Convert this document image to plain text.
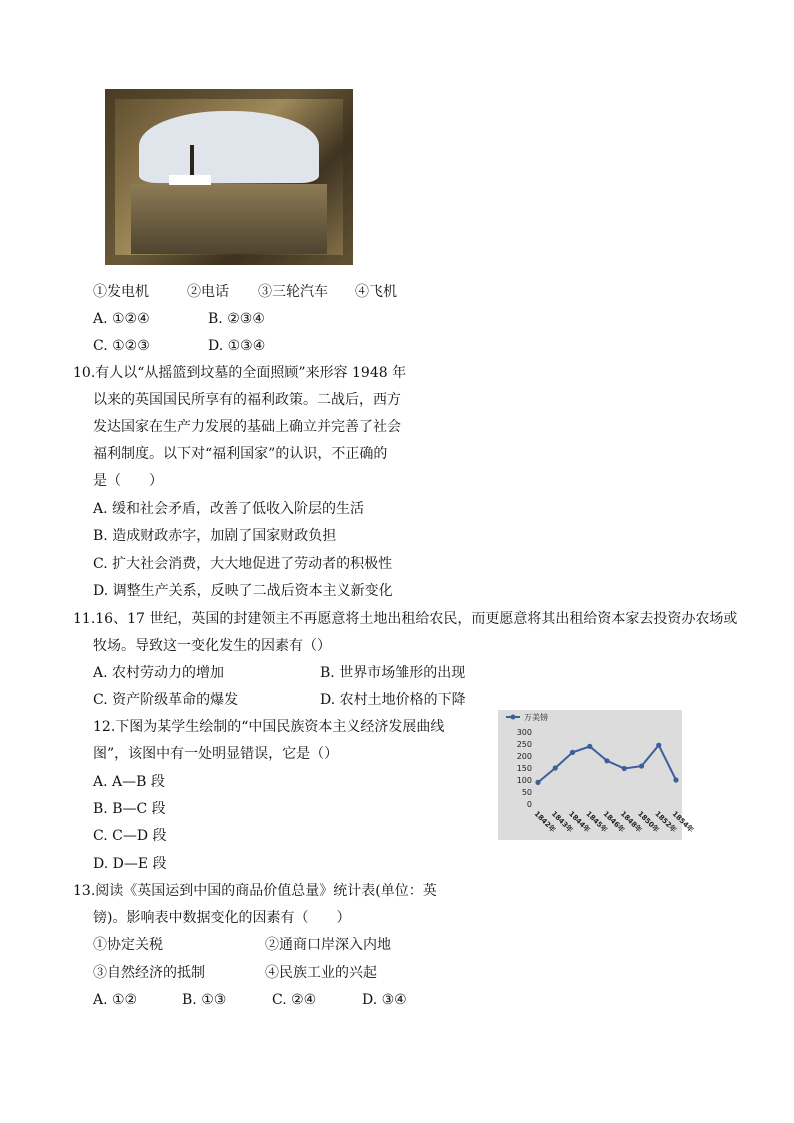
①发电机	②电话 ③三轮汽车 ④飞机
A. ①②④	B. ②③④
C. ①②③	D. ①③④
10.有人以“从摇篮到坟墓的全面照顾”来形容 1948 年
以来的英国国民所享有的福利政策。二战后，西方
发达国家在生产力发展的基础上确立并完善了社会
福利制度。以下对“福利国家”的认识，不正确的
是（　　）
A. 缓和社会矛盾，改善了低收入阶层的生活
B. 造成财政赤字，加剧了国家财政负担
C. 扩大社会消费，大大地促进了劳动者的积极性
D. 调整生产关系，反映了二战后资本主义新变化
11.16、17 世纪，英国的封建领主不再愿意将土地出租给农民，而更愿意将其出租给资本家去投资办农场或
牧场。导致这一变化发生的因素有（）
A. 农村劳动力的增加	B. 世界市场雏形的出现
C. 资产阶级革命的爆发	D. 农村土地价格的下降
12.下图为某学生绘制的“中国民族资本主义经济发展曲线
图”，该图中有一处明显错误，它是（）
A. A—B 段
B. B—C 段
C. C—D 段
D. D—E 段
万美镑
300
250
200
150
100
50
0
1842年
1843年
1844年
1845年
1846年
1848年
1850年
1852年
1854年
13.阅读《英国运到中国的商品价值总量》统计表(单位：英
镑)。影响表中数据变化的因素有（　　）
①协定关税	②通商口岸深入内地
③自然经济的抵制	④民族工业的兴起
A. ①②	B. ①③	C. ②④	D. ③④
